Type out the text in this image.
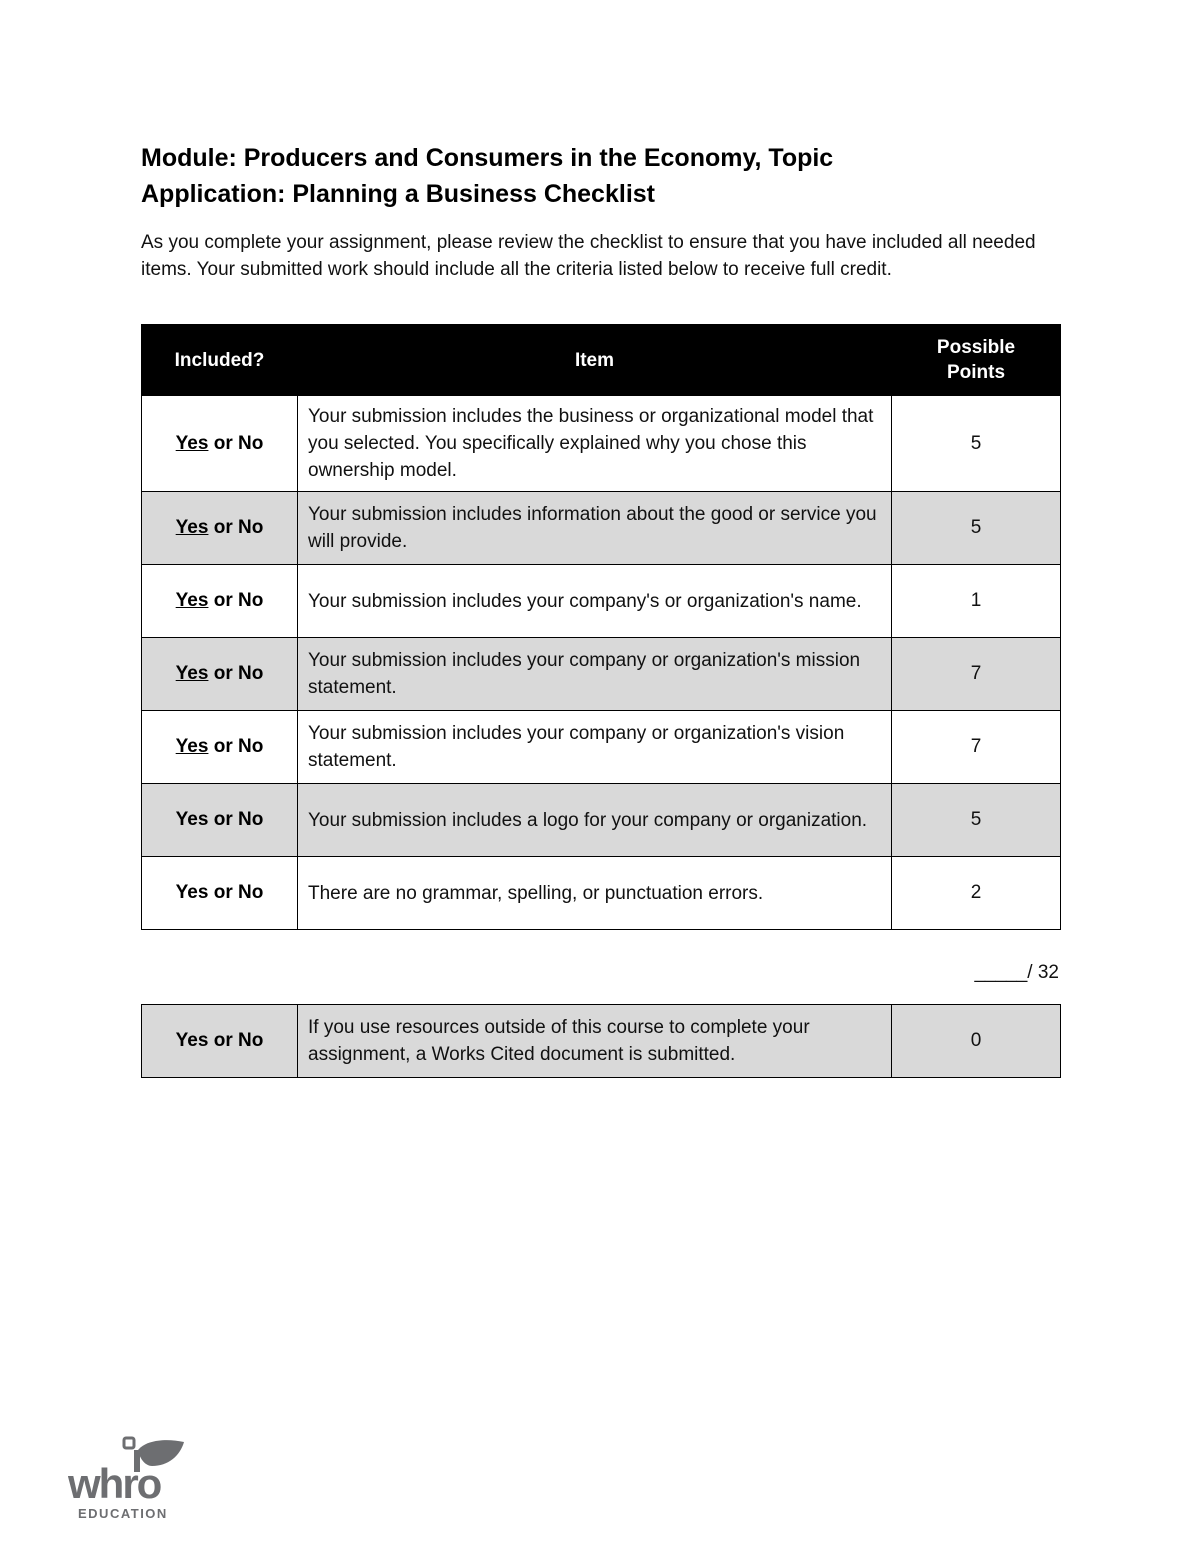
Module: Producers and Consumers in the Economy, Topic
Application: Planning a Business Checklist
As you complete your assignment, please review the checklist to ensure that you have included all needed items. Your submitted work should include all the criteria listed below to receive full credit.
Included?	Item	Possible
Points
Yes or No	Your submission includes the business or organizational model that you selected. You specifically explained why you chose this ownership model.	5
Yes or No	Your submission includes information about the good or service you will provide.	5
Yes or No	Your submission includes your company's or organization's name.	1
Yes or No	Your submission includes your company or organization's mission statement.	7
Yes or No	Your submission includes your company or organization's vision statement.	7
Yes or No	Your submission includes a logo for your company or organization.	5
Yes or No	There are no grammar, spelling, or punctuation errors.	2
_____/ 32
Yes or No	If you use resources outside of this course to complete your assignment, a Works Cited document is submitted.	0
whro
EDUCATION
